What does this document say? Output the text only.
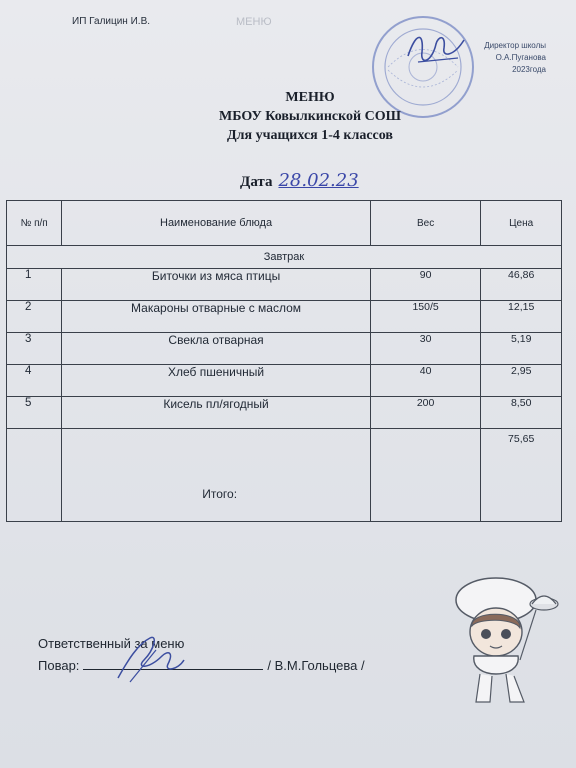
МЕНЮ
ИП Галицин И.В.
Директор школы
О.А.Пуганова
2023года
МЕНЮ
МБОУ Ковылкинской СОШ
Для учащихся 1-4 классов
Дата 28.02.23
№ п/п	Наименование блюда	Вес	Цена
Завтрак			
1	Биточки из мяса птицы	90	46,86
2	Макароны отварные с маслом	150/5	12,15
3	Свекла отварная	30	5,19
4	Хлеб пшеничный	40	2,95
5	Кисель пл/ягодный	200	8,50
	Итого:		75,65
Ответственный за меню
Повар:	/ В.М.Гольцева /
